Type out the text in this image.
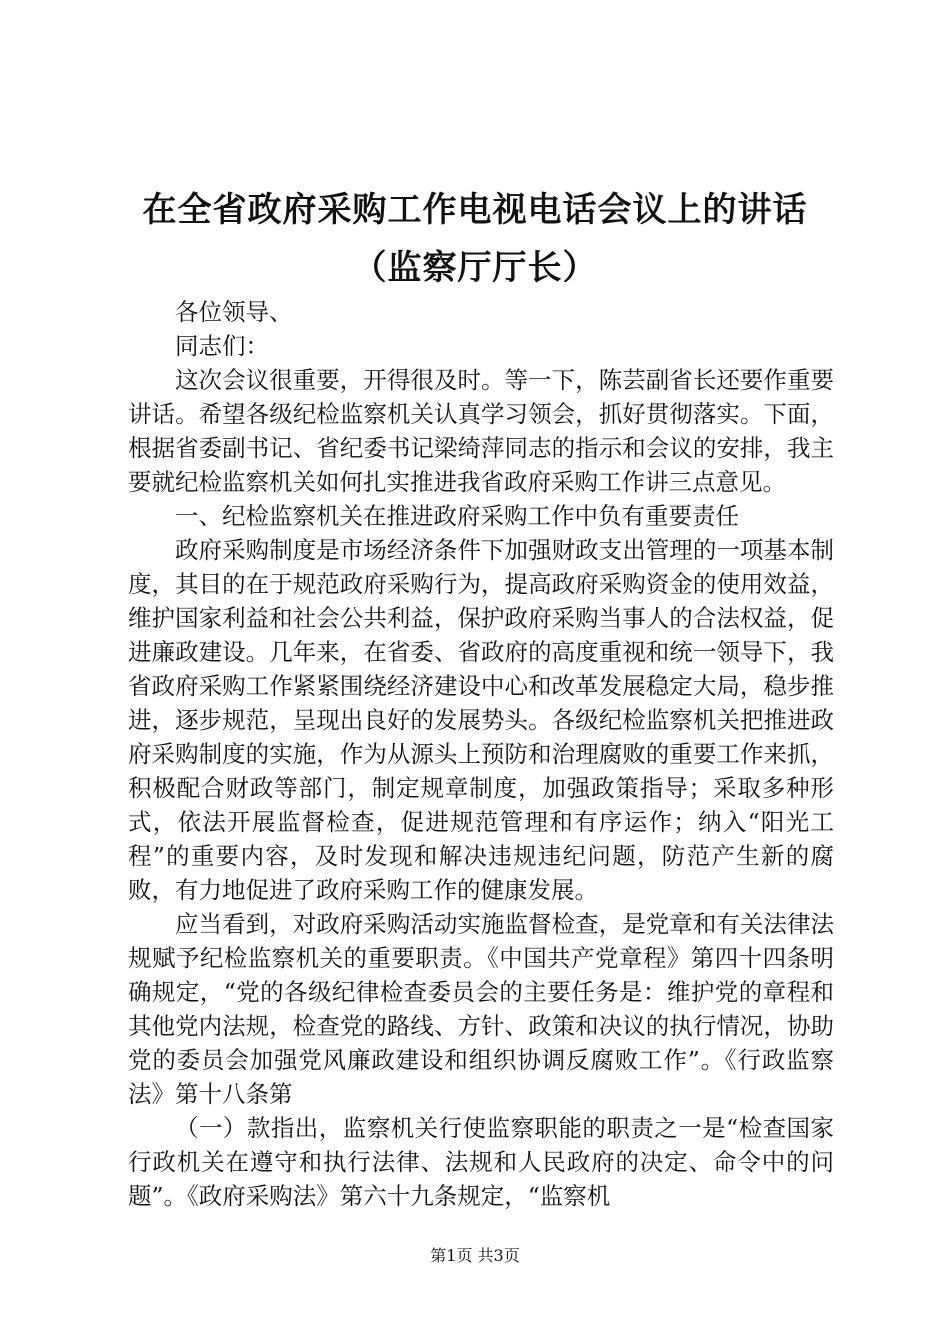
在全省政府采购工作电视电话会议上的讲话
（监察厅厅长）

各位领导、

同志们：

这次会议很重要，开得很及时。等一下，陈芸副省长还要作重要讲话。希望各级纪检监察机关认真学习领会，抓好贯彻落实。下面，根据省委副书记、省纪委书记梁绮萍同志的指示和会议的安排，我主要就纪检监察机关如何扎实推进我省政府采购工作讲三点意见。

一、纪检监察机关在推进政府采购工作中负有重要责任

政府采购制度是市场经济条件下加强财政支出管理的一项基本制度，其目的在于规范政府采购行为，提高政府采购资金的使用效益，维护国家利益和社会公共利益，保护政府采购当事人的合法权益，促进廉政建设。几年来，在省委、省政府的高度重视和统一领导下，我省政府采购工作紧紧围绕经济建设中心和改革发展稳定大局，稳步推进，逐步规范，呈现出良好的发展势头。各级纪检监察机关把推进政府采购制度的实施，作为从源头上预防和治理腐败的重要工作来抓，积极配合财政等部门，制定规章制度，加强政策指导；采取多种形式，依法开展监督检查，促进规范管理和有序运作；纳入“阳光工程”的重要内容，及时发现和解决违规违纪问题，防范产生新的腐败，有力地促进了政府采购工作的健康发展。

应当看到，对政府采购活动实施监督检查，是党章和有关法律法规赋予纪检监察机关的重要职责。《中国共产党章程》第四十四条明确规定，“党的各级纪律检查委员会的主要任务是：维护党的章程和其他党内法规，检查党的路线、方针、政策和决议的执行情况，协助党的委员会加强党风廉政建设和组织协调反腐败工作”。《行政监察法》第十八条第

（一）款指出，监察机关行使监察职能的职责之一是“检查国家行政机关在遵守和执行法律、法规和人民政府的决定、命令中的问题”。《政府采购法》第六十九条规定，“监察机

第1页 共3页
